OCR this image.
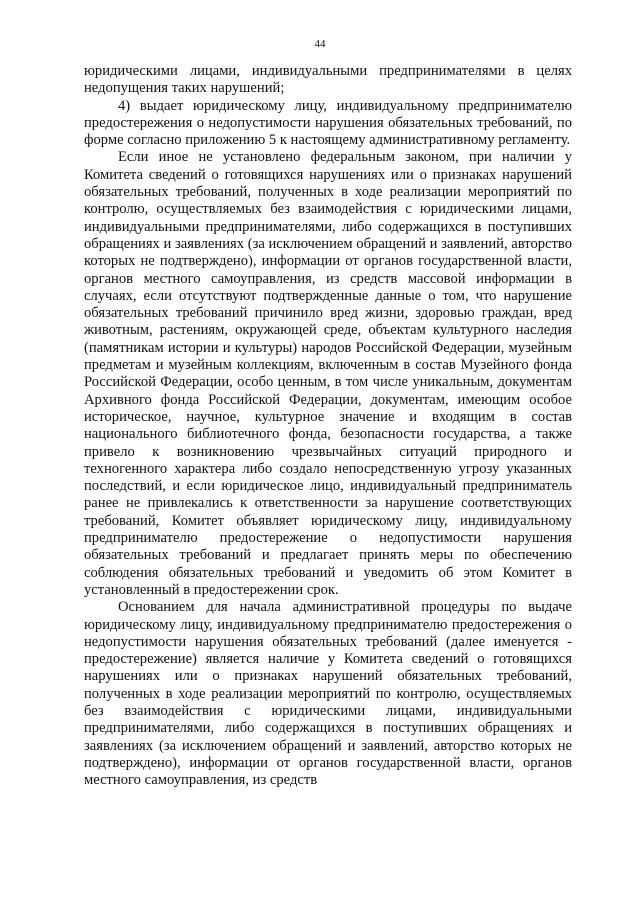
44

юридическими лицами, индивидуальными предпринимателями в целях недопущения таких нарушений;

4) выдает юридическому лицу, индивидуальному предпринимателю предостережения о недопустимости нарушения обязательных требований, по форме согласно приложению 5 к настоящему административному регламенту.

Если иное не установлено федеральным законом, при наличии у Комитета сведений о готовящихся нарушениях или о признаках нарушений обязательных требований, полученных в ходе реализации мероприятий по контролю, осуществляемых без взаимодействия с юридическими лицами, индивидуальными предпринимателями, либо содержащихся в поступивших обращениях и заявлениях (за исключением обращений и заявлений, авторство которых не подтверждено), информации от органов государственной власти, органов местного самоуправления, из средств массовой информации в случаях, если отсутствуют подтвержденные данные о том, что нарушение обязательных требований причинило вред жизни, здоровью граждан, вред животным, растениям, окружающей среде, объектам культурного наследия (памятникам истории и культуры) народов Российской Федерации, музейным предметам и музейным коллекциям, включенным в состав Музейного фонда Российской Федерации, особо ценным, в том числе уникальным, документам Архивного фонда Российской Федерации, документам, имеющим особое историческое, научное, культурное значение и входящим в состав национального библиотечного фонда, безопасности государства, а также привело к возникновению чрезвычайных ситуаций природного и техногенного характера либо создало непосредственную угрозу указанных последствий, и если юридическое лицо, индивидуальный предприниматель ранее не привлекались к ответственности за нарушение соответствующих требований, Комитет объявляет юридическому лицу, индивидуальному предпринимателю предостережение о недопустимости нарушения обязательных требований и предлагает принять меры по обеспечению соблюдения обязательных требований и уведомить об этом Комитет в установленный в предостережении срок.

Основанием для начала административной процедуры по выдаче юридическому лицу, индивидуальному предпринимателю предостережения о недопустимости нарушения обязательных требований (далее именуется - предостережение) является наличие у Комитета сведений о готовящихся нарушениях или о признаках нарушений обязательных требований, полученных в ходе реализации мероприятий по контролю, осуществляемых без взаимодействия с юридическими лицами, индивидуальными предпринимателями, либо содержащихся в поступивших обращениях и заявлениях (за исключением обращений и заявлений, авторство которых не подтверждено), информации от органов государственной власти, органов местного самоуправления, из средств
